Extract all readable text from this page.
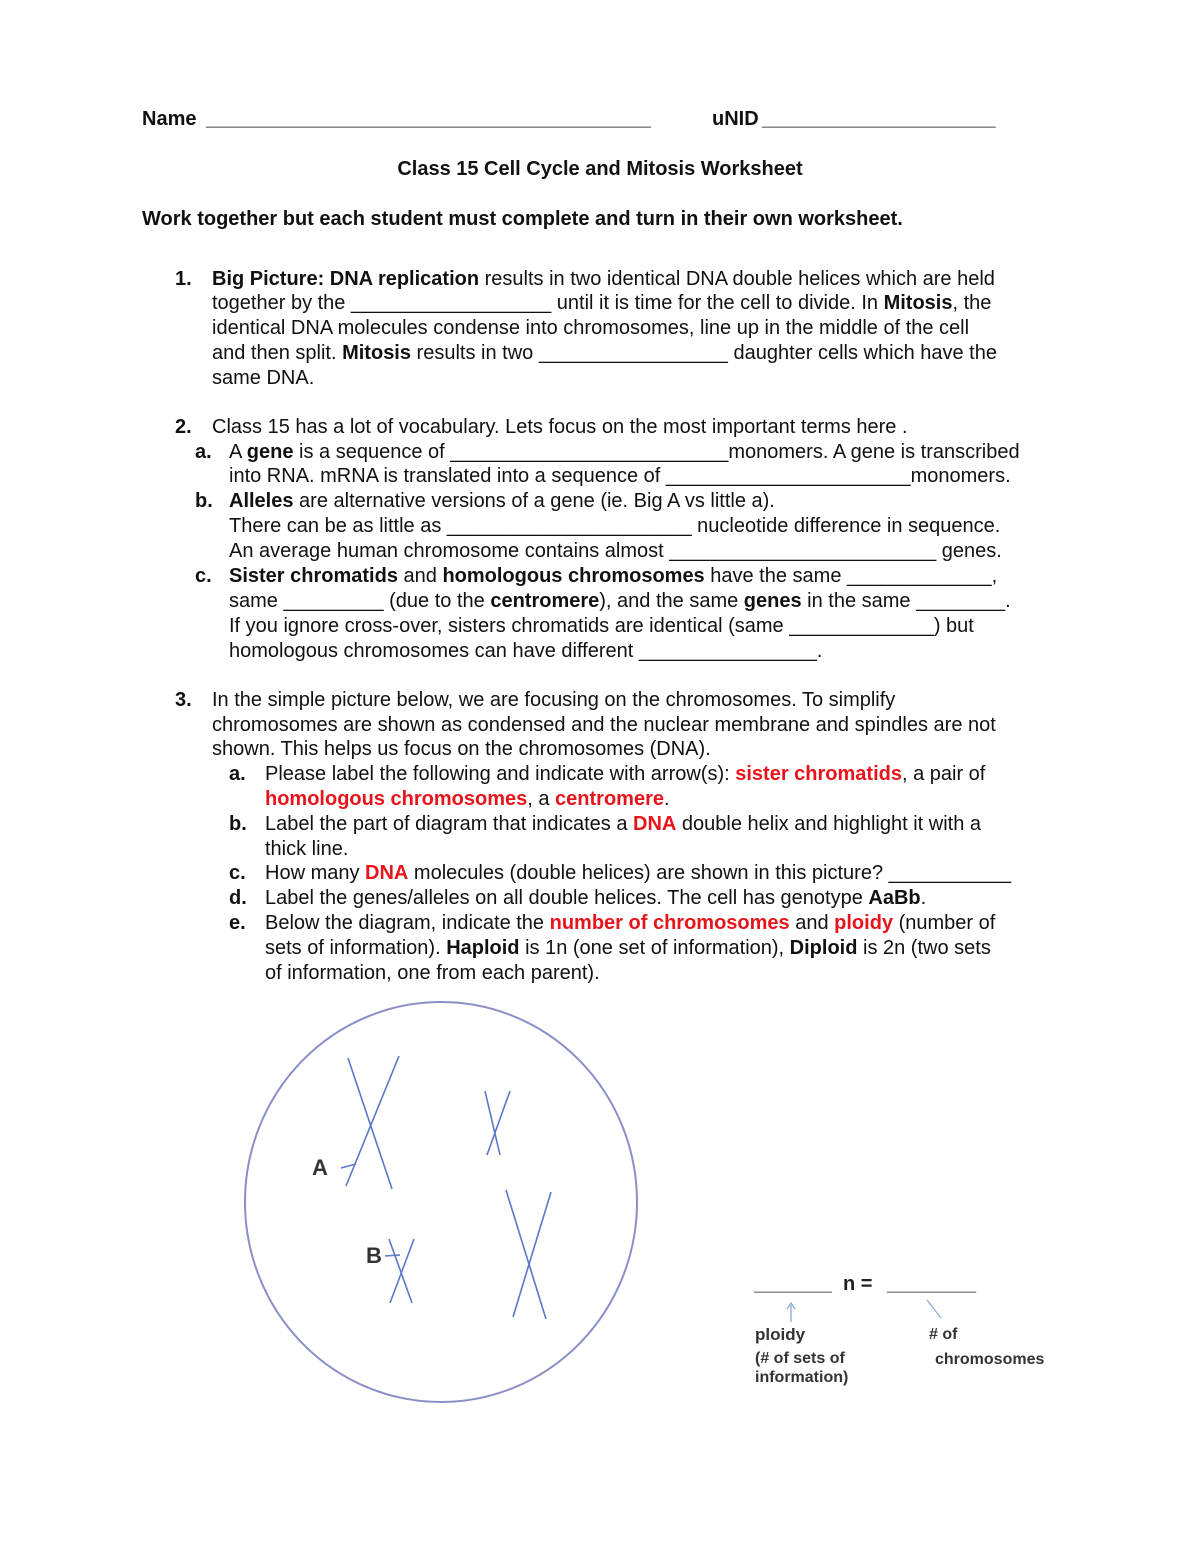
Name ________________________________________	uNID _____________________
Class 15 Cell Cycle and Mitosis Worksheet
Work together but each student must complete and turn in their own worksheet.
1. Big Picture: DNA replication results in two identical DNA double helices which are held
together by the __________________ until it is time for the cell to divide. In Mitosis, the
identical DNA molecules condense into chromosomes, line up in the middle of the cell
and then split. Mitosis results in two _________________ daughter cells which have the
same DNA.
2. Class 15 has a lot of vocabulary. Lets focus on the most important terms here .
a. A gene is a sequence of _________________________monomers. A gene is transcribed
into RNA. mRNA is translated into a sequence of ______________________monomers.
b. Alleles are alternative versions of a gene (ie. Big A vs little a).
There can be as little as ______________________ nucleotide difference in sequence.
An average human chromosome contains almost ________________________ genes.
c. Sister chromatids and homologous chromosomes have the same _____________,
same _________ (due to the centromere), and the same genes in the same ________.
If you ignore cross-over, sisters chromatids are identical (same _____________) but
homologous chromosomes can have different ________________.
3. In the simple picture below, we are focusing on the chromosomes. To simplify
chromosomes are shown as condensed and the nuclear membrane and spindles are not
shown. This helps us focus on the chromosomes (DNA).
a. Please label the following and indicate with arrow(s): sister chromatids, a pair of
homologous chromosomes, a centromere.
b. Label the part of diagram that indicates a DNA double helix and highlight it with a
thick line.
c. How many DNA molecules (double helices) are shown in this picture? ___________
d. Label the genes/alleles on all double helices. The cell has genotype AaBb.
e. Below the diagram, indicate the number of chromosomes and ploidy (number of
sets of information). Haploid is 1n (one set of information), Diploid is 2n (two sets
of information, one from each parent).
A
B
_______ n = ________
ploidy
(# of sets of
information)
# of
chromosomes
